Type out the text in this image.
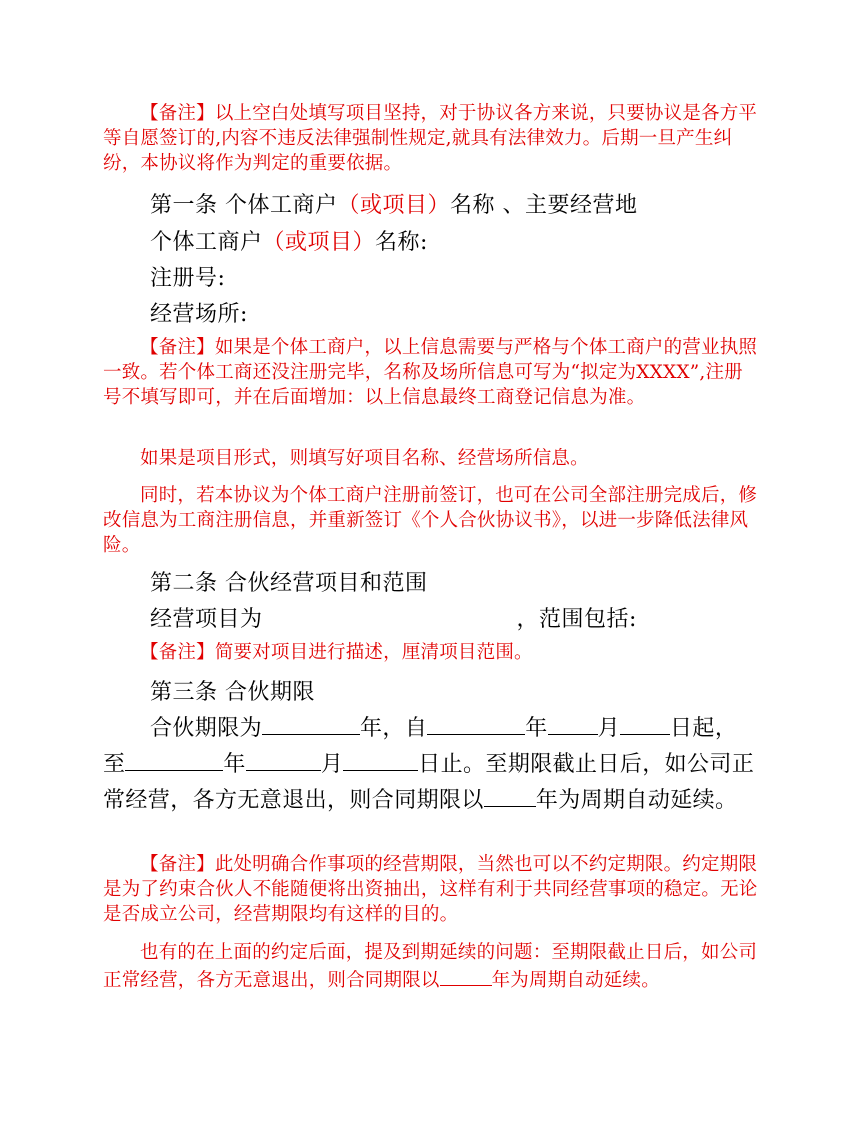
【备注】以上空白处填写项目坚持，对于协议各方来说，只要协议是各方平等自愿签订的,内容不违反法律强制性规定,就具有法律效力。后期一旦产生纠纷，本协议将作为判定的重要依据。

第一条 个体工商户（或项目）名称 、主要经营地

个体工商户（或项目）名称:

注册号:

经营场所:

【备注】如果是个体工商户，以上信息需要与严格与个体工商户的营业执照一致。若个体工商还没注册完毕，名称及场所信息可写为“拟定为XXXX”,注册号不填写即可，并在后面增加：以上信息最终工商登记信息为准。

如果是项目形式，则填写好项目名称、经营场所信息。

同时，若本协议为个体工商户注册前签订，也可在公司全部注册完成后，修改信息为工商注册信息，并重新签订《个人合伙协议书》，以进一步降低法律风险。

第二条 合伙经营项目和范围

经营项目为	，范围包括:

【备注】简要对项目进行描述，厘清项目范围。

第三条 合伙期限

合伙期限为	年，自	年 月 日起，至	年	月	日止。至期限截止日后，如公司正常经营，各方无意退出，则合同期限以 年为周期自动延续。

【备注】此处明确合作事项的经营期限，当然也可以不约定期限。约定期限是为了约束合伙人不能随便将出资抽出，这样有利于共同经营事项的稳定。无论是否成立公司，经营期限均有这样的目的。

也有的在上面的约定后面，提及到期延续的问题：至期限截止日后，如公司正常经营，各方无意退出，则合同期限以	年为周期自动延续。
